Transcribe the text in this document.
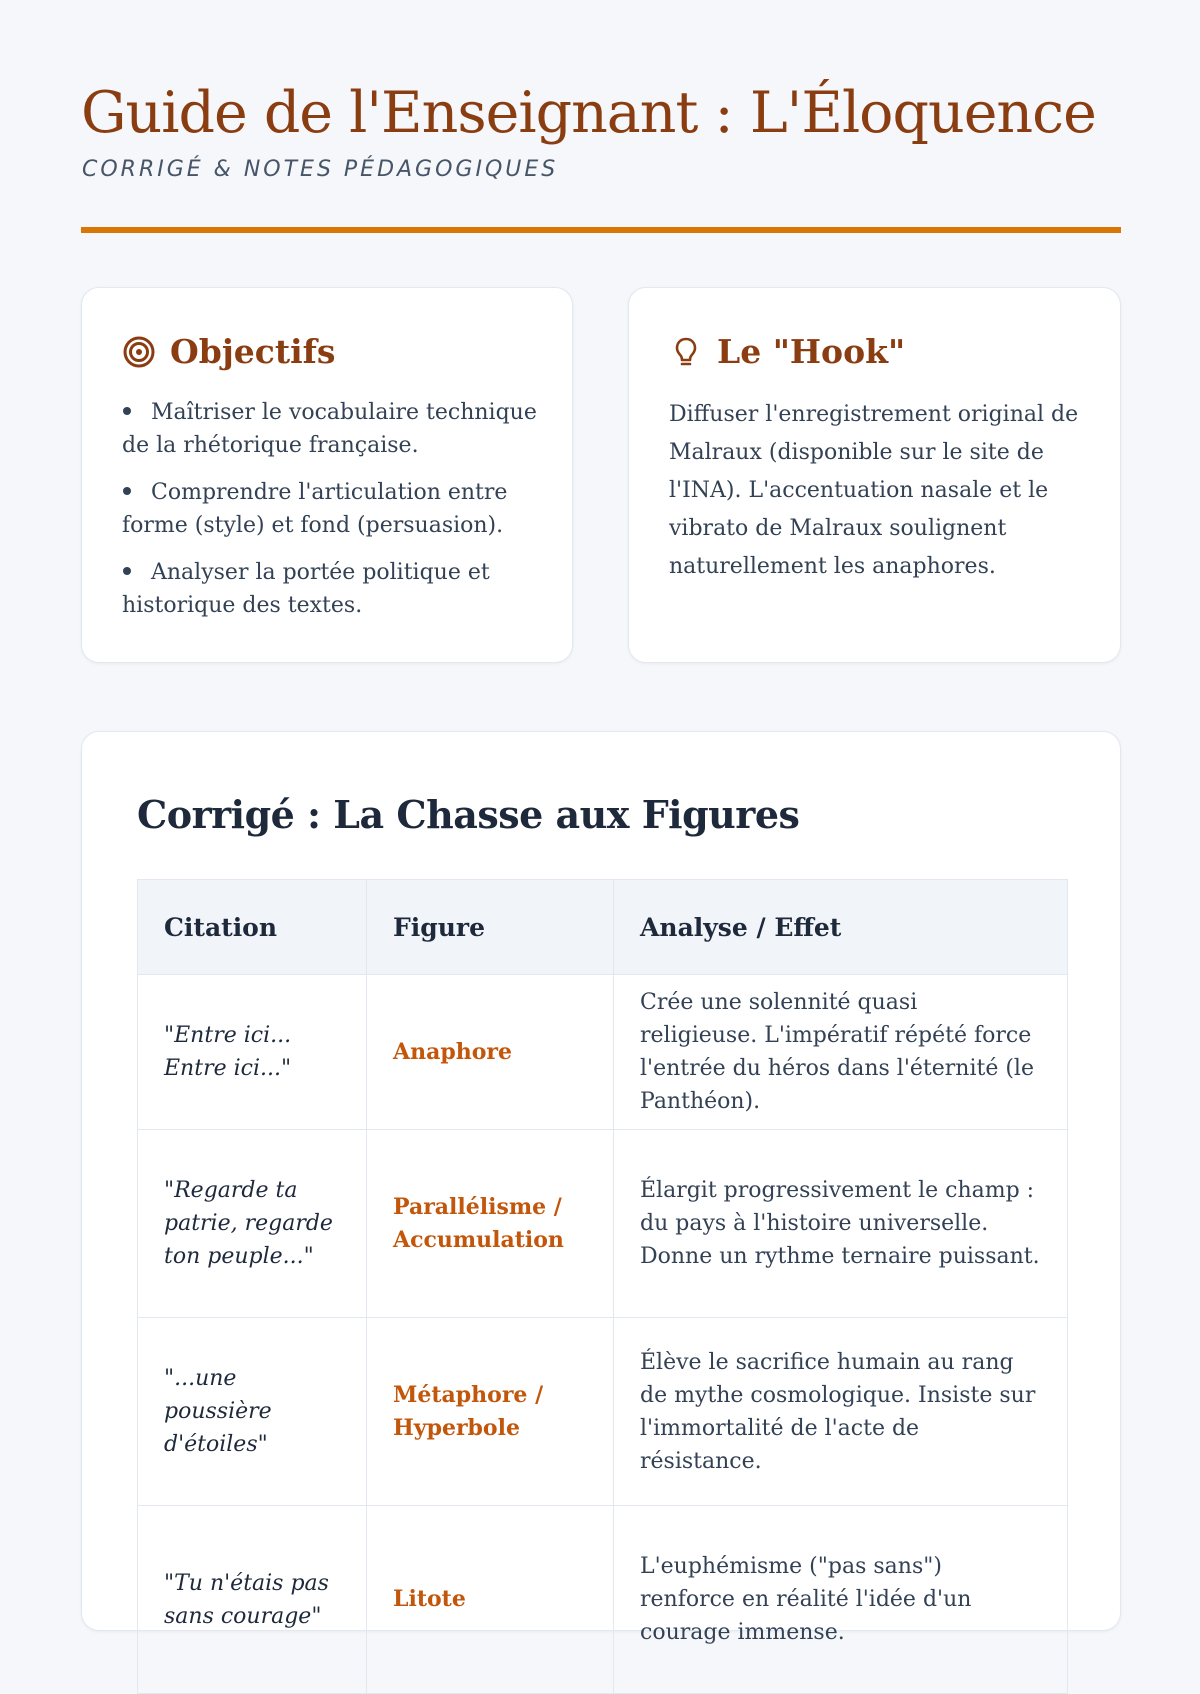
Guide de l'Enseignant : L'Éloquence
CORRIGÉ & NOTES PÉDAGOGIQUES
Objectifs
Maîtriser le vocabulaire technique de la rhétorique française.
Comprendre l'articulation entre forme (style) et fond (persuasion).
Analyser la portée politique et historique des textes.
Le "Hook"

Diffuser l'enregistrement original de Malraux (disponible sur le site de l'INA). L'accentuation nasale et le vibrato de Malraux soulignent naturellement les anaphores.

Corrigé : La Chasse aux Figures
Citation	Figure	Analyse / Effet
"Entre ici... Entre ici..."	Anaphore	Crée une solennité quasi religieuse. L'impératif répété force l'entrée du héros dans l'éternité (le Panthéon).
"Regarde ta patrie, regarde ton peuple..."	Parallélisme / Accumulation	Élargit progressivement le champ : du pays à l'histoire universelle. Donne un rythme ternaire puissant.
"...une poussière d'étoiles"	Métaphore / Hyperbole	Élève le sacrifice humain au rang de mythe cosmologique. Insiste sur l'immortalité de l'acte de résistance.
"Tu n'étais pas sans courage"	Litote	L'euphémisme ("pas sans") renforce en réalité l'idée d'un courage immense.
